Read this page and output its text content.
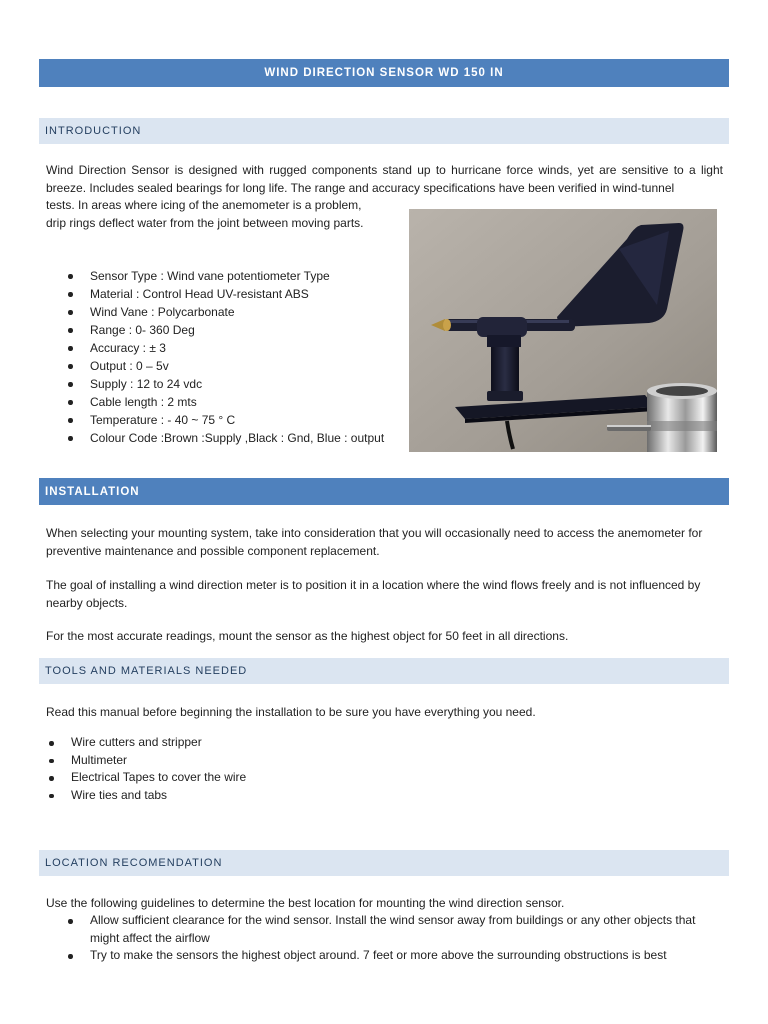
WIND DIRECTION SENSOR WD 150 IN
INTRODUCTION

Wind Direction Sensor is designed with rugged components stand up to hurricane force winds, yet are sensitive to a light breeze. Includes sealed bearings for long life. The range and accuracy specifications have been verified in wind-tunnel

tests. In areas where icing of the anemometer is a problem,

drip rings deflect water from the joint between moving parts.

Sensor Type : Wind vane potentiometer Type
Material : Control Head UV-resistant ABS
Wind Vane : Polycarbonate
Range : 0- 360 Deg
Accuracy : ± 3
Output : 0 – 5v
Supply : 12 to 24 vdc
Cable length : 2 mts
Temperature : - 40 ~ 75 ° C
Colour Code :Brown :Supply ,Black : Gnd, Blue : output
INSTALLATION

When selecting your mounting system, take into consideration that you will occasionally need to access the anemometer for preventive maintenance and possible component replacement.

The goal of installing a wind direction meter is to position it in a location where the wind flows freely and is not influenced by nearby objects.

For the most accurate readings, mount the sensor as the highest object for 50 feet in all directions.

TOOLS AND MATERIALS NEEDED

Read this manual before beginning the installation to be sure you have everything you need.

Wire cutters and stripper
Multimeter
Electrical Tapes to cover the wire
Wire ties and tabs
LOCATION RECOMENDATION

Use the following guidelines to determine the best location for mounting the wind direction sensor.

Allow sufficient clearance for the wind sensor. Install the wind sensor away from buildings or any other objects that might affect the airflow
Try to make the sensors the highest object around. 7 feet or more above the surrounding obstructions is best
